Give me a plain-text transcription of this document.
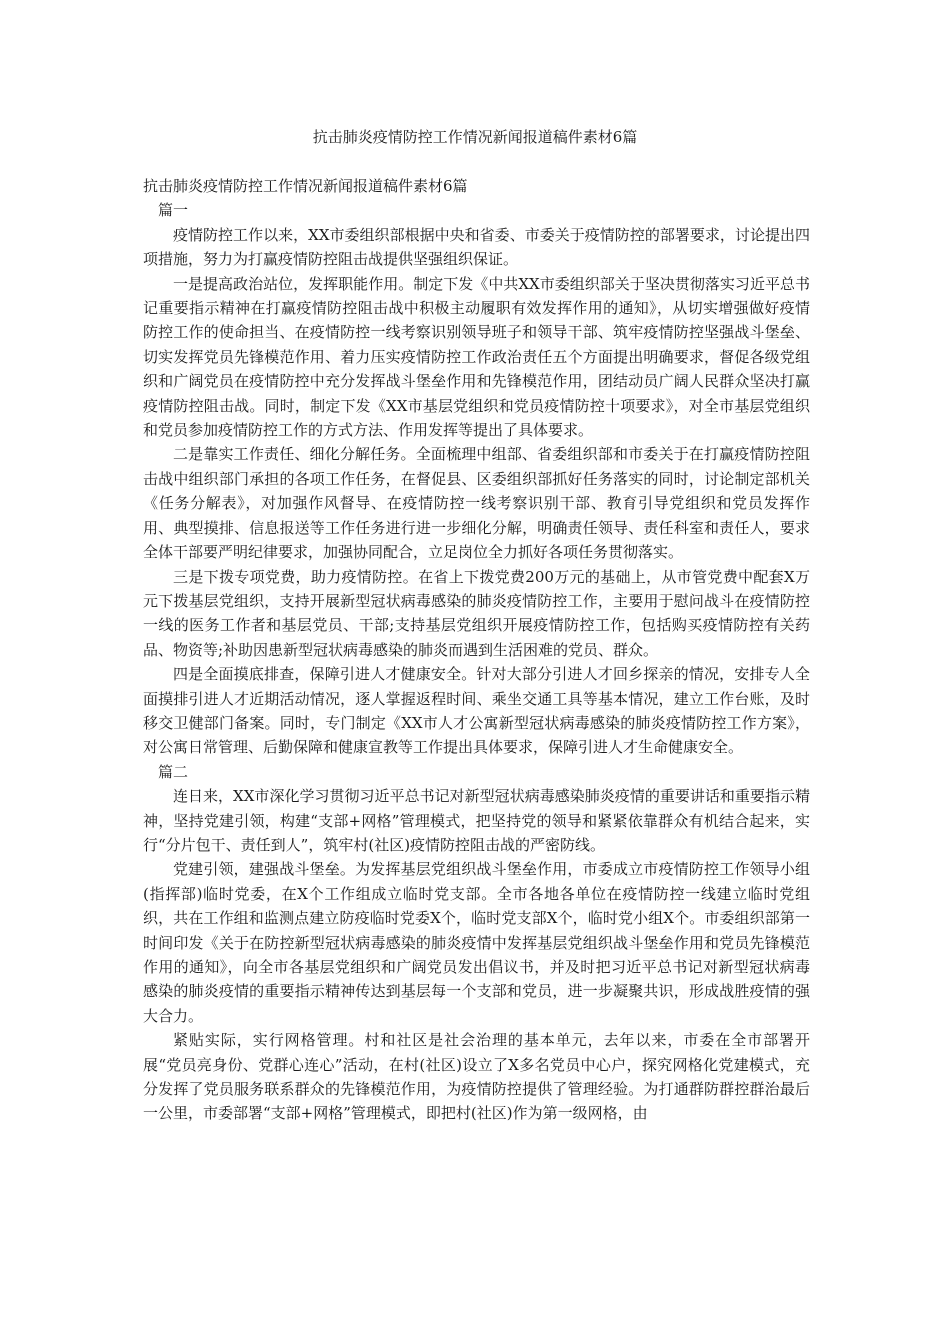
抗击肺炎疫情防控工作情况新闻报道稿件素材6篇

抗击肺炎疫情防控工作情况新闻报道稿件素材6篇

篇一

疫情防控工作以来，XX市委组织部根据中央和省委、市委关于疫情防控的部署要求，讨论提出四项措施，努力为打赢疫情防控阻击战提供坚强组织保证。

一是提高政治站位，发挥职能作用。制定下发《中共XX市委组织部关于坚决贯彻落实习近平总书记重要指示精神在打赢疫情防控阻击战中积极主动履职有效发挥作用的通知》，从切实增强做好疫情防控工作的使命担当、在疫情防控一线考察识别领导班子和领导干部、筑牢疫情防控坚强战斗堡垒、切实发挥党员先锋模范作用、着力压实疫情防控工作政治责任五个方面提出明确要求，督促各级党组织和广阔党员在疫情防控中充分发挥战斗堡垒作用和先锋模范作用，团结动员广阔人民群众坚决打赢疫情防控阻击战。同时，制定下发《XX市基层党组织和党员疫情防控十项要求》，对全市基层党组织和党员参加疫情防控工作的方式方法、作用发挥等提出了具体要求。

二是靠实工作责任、细化分解任务。全面梳理中组部、省委组织部和市委关于在打赢疫情防控阻击战中组织部门承担的各项工作任务，在督促县、区委组织部抓好任务落实的同时，讨论制定部机关《任务分解表》，对加强作风督导、在疫情防控一线考察识别干部、教育引导党组织和党员发挥作用、典型摸排、信息报送等工作任务进行进一步细化分解，明确责任领导、责任科室和责任人，要求全体干部要严明纪律要求，加强协同配合，立足岗位全力抓好各项任务贯彻落实。

三是下拨专项党费，助力疫情防控。在省上下拨党费200万元的基础上，从市管党费中配套X万元下拨基层党组织，支持开展新型冠状病毒感染的肺炎疫情防控工作，主要用于慰问战斗在疫情防控一线的医务工作者和基层党员、干部;支持基层党组织开展疫情防控工作，包括购买疫情防控有关药品、物资等;补助因患新型冠状病毒感染的肺炎而遇到生活困难的党员、群众。

四是全面摸底排查，保障引进人才健康安全。针对大部分引进人才回乡探亲的情况，安排专人全面摸排引进人才近期活动情况，逐人掌握返程时间、乘坐交通工具等基本情况，建立工作台账，及时移交卫健部门备案。同时，专门制定《XX市人才公寓新型冠状病毒感染的肺炎疫情防控工作方案》，对公寓日常管理、后勤保障和健康宣教等工作提出具体要求，保障引进人才生命健康安全。

篇二

连日来，XX市深化学习贯彻习近平总书记对新型冠状病毒感染肺炎疫情的重要讲话和重要指示精神，坚持党建引领，构建“支部+网格”管理模式，把坚持党的领导和紧紧依靠群众有机结合起来，实行“分片包干、责任到人”，筑牢村(社区)疫情防控阻击战的严密防线。

党建引领，建强战斗堡垒。为发挥基层党组织战斗堡垒作用，市委成立市疫情防控工作领导小组(指挥部)临时党委，在X个工作组成立临时党支部。全市各地各单位在疫情防控一线建立临时党组织，共在工作组和监测点建立防疫临时党委X个，临时党支部X个，临时党小组X个。市委组织部第一时间印发《关于在防控新型冠状病毒感染的肺炎疫情中发挥基层党组织战斗堡垒作用和党员先锋模范作用的通知》，向全市各基层党组织和广阔党员发出倡议书，并及时把习近平总书记对新型冠状病毒感染的肺炎疫情的重要指示精神传达到基层每一个支部和党员，进一步凝聚共识，形成战胜疫情的强大合力。

紧贴实际，实行网格管理。村和社区是社会治理的基本单元，去年以来，市委在全市部署开展“党员亮身份、党群心连心”活动，在村(社区)设立了X多名党员中心户，探究网格化党建模式，充分发挥了党员服务联系群众的先锋模范作用，为疫情防控提供了管理经验。为打通群防群控群治最后一公里，市委部署“支部+网格”管理模式，即把村(社区)作为第一级网格，由
